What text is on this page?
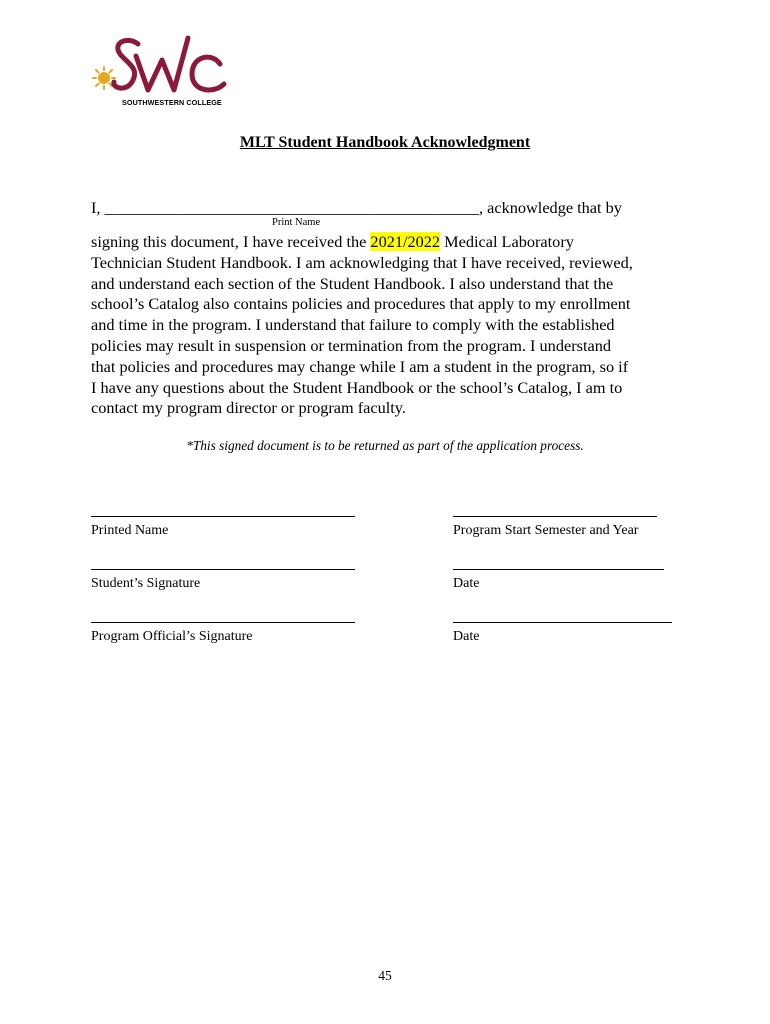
SOUTHWESTERN COLLEGE
MLT Student Handbook Acknowledgment
I, ______________________________________________, acknowledge that by
Print Name
signing this document, I have received the 2021/2022 Medical Laboratory
Technician Student Handbook. I am acknowledging that I have received, reviewed,
and understand each section of the Student Handbook. I also understand that the
school’s Catalog also contains policies and procedures that apply to my enrollment
and time in the program. I understand that failure to comply with the established
policies may result in suspension or termination from the program. I understand
that policies and procedures may change while I am a student in the program, so if
I have any questions about the Student Handbook or the school’s Catalog, I am to
contact my program director or program faculty.
*This signed document is to be returned as part of the application process.
Printed Name	Program Start Semester and Year
Student’s Signature	Date
Program Official’s Signature	Date
45
